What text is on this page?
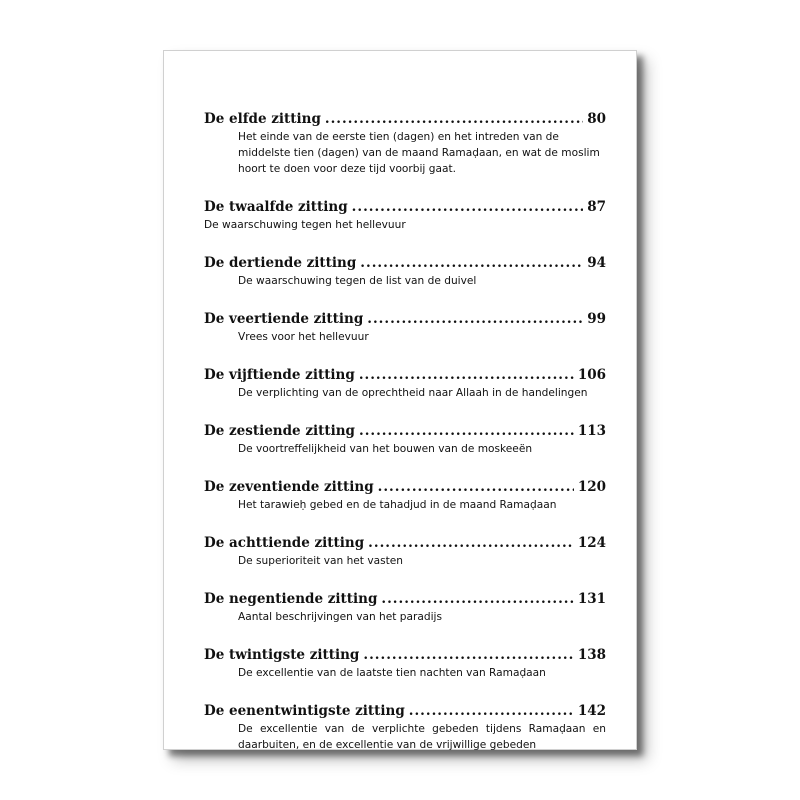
De elfde zitting .....	80
Het einde van de eerste tien (dagen) en het intreden van de middelste tien (dagen) van de maand Ramaḍaan, en wat de moslim hoort te doen voor deze tijd voorbij gaat.
De twaalfde zitting .....	87
De waarschuwing tegen het hellevuur
De dertiende zitting .....	94
De waarschuwing tegen de list van de duivel
De veertiende zitting .....	99
Vrees voor het hellevuur
De vijftiende zitting .....	106
De verplichting van de oprechtheid naar Allaah in de handelingen
De zestiende zitting .....	113
De voortreffelijkheid van het bouwen van de moskeeën
De zeventiende zitting .....	120
Het tarawieḥ gebed en de tahadjud in de maand Ramaḍaan
De achttiende zitting .....	124
De superioriteit van het vasten
De negentiende zitting .....	131
Aantal beschrijvingen van het paradijs
De twintigste zitting .....	138
De excellentie van de laatste tien nachten van Ramaḍaan
De eenentwintigste zitting .....	142
De excellentie van de verplichte gebeden tijdens Ramaḍaan en daarbuiten, en de excellentie van de vrijwillige gebeden
